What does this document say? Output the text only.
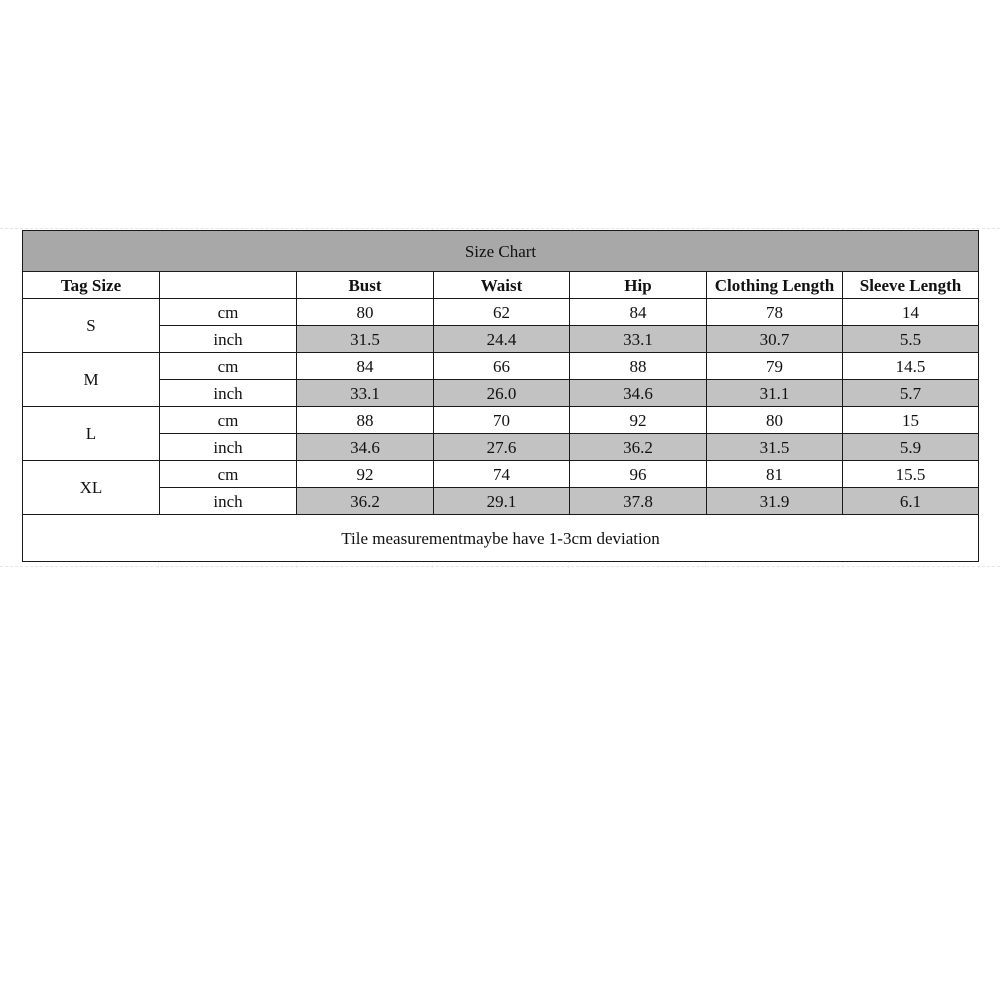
Size Chart						
Tag Size		Bust	Waist	Hip	Clothing Length	Sleeve Length
S	cm	80	62	84	78	14
	inch	31.5	24.4	33.1	30.7	5.5
M	cm	84	66	88	79	14.5
	inch	33.1	26.0	34.6	31.1	5.7
L	cm	88	70	92	80	15
	inch	34.6	27.6	36.2	31.5	5.9
XL	cm	92	74	96	81	15.5
	inch	36.2	29.1	37.8	31.9	6.1
Tile measurementmaybe have 1-3cm deviation						
